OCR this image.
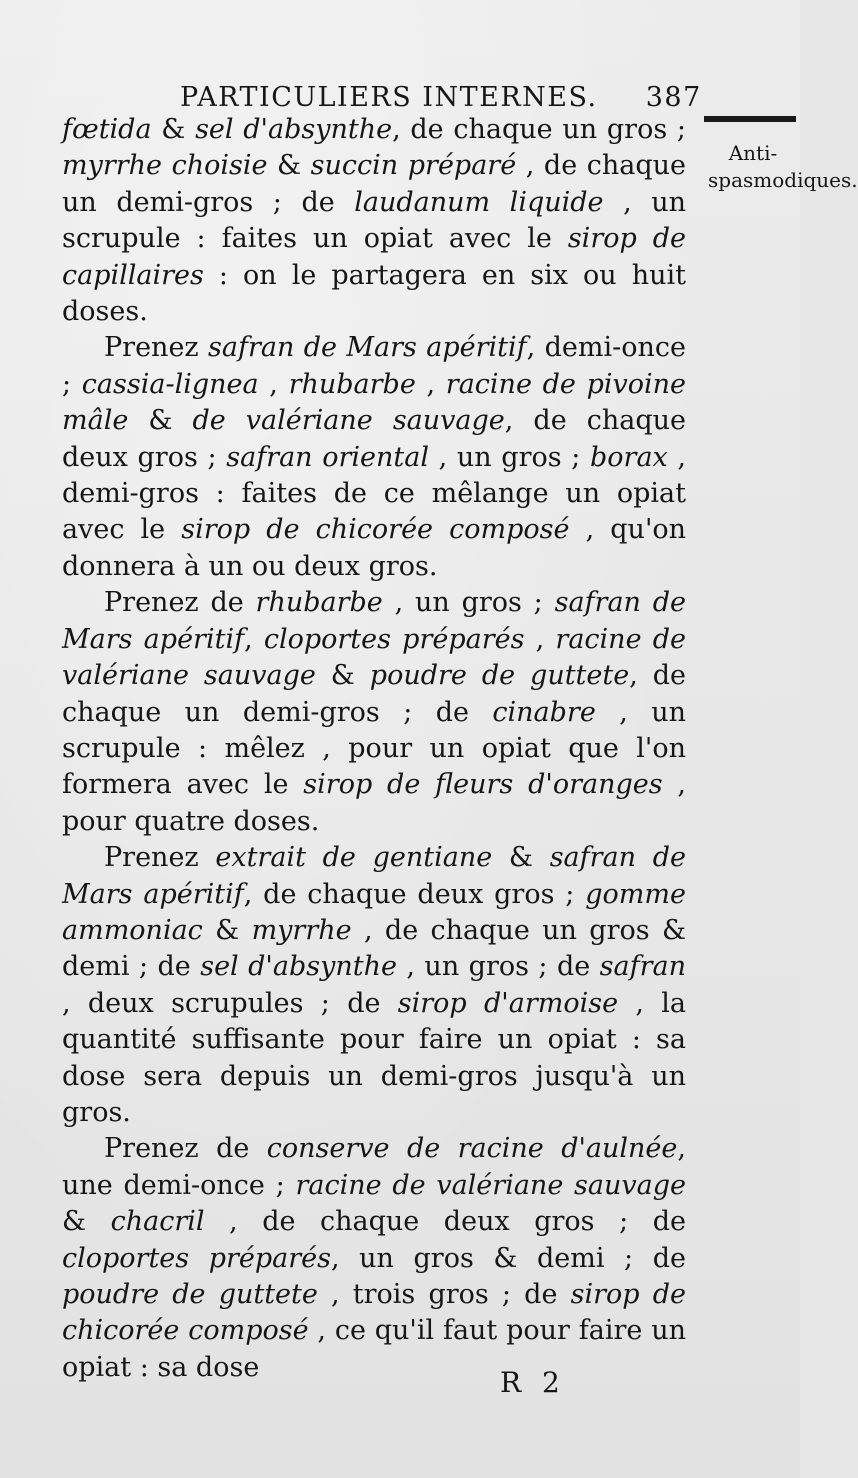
PARTICULIERS INTERNES. 387
Anti-spasmodiques.

fœtida & sel d'absynthe, de chaque un gros ; myrrhe choisie & succin préparé , de chaque un demi-gros ; de laudanum liquide , un scrupule : faites un opiat avec le sirop de capillaires : on le partagera en six ou huit doses.

Prenez safran de Mars apéritif, demi-once ; cassia-lignea , rhubarbe , racine de pivoine mâle & de valériane sauvage, de chaque deux gros ; safran oriental , un gros ; borax , demi-gros : faites de ce mêlange un opiat avec le sirop de chicorée composé , qu'on donnera à un ou deux gros.

Prenez de rhubarbe , un gros ; safran de Mars apéritif, cloportes préparés , racine de valériane sauvage & poudre de guttete, de chaque un demi-gros ; de cinabre , un scrupule : mêlez , pour un opiat que l'on formera avec le sirop de fleurs d'oranges , pour quatre doses.

Prenez extrait de gentiane & safran de Mars apéritif, de chaque deux gros ; gomme ammoniac & myrrhe , de chaque un gros & demi ; de sel d'absynthe , un gros ; de safran , deux scrupules ; de sirop d'armoise , la quantité suffisante pour faire un opiat : sa dose sera depuis un demi-gros jusqu'à un gros.

Prenez de conserve de racine d'aulnée, une demi-once ; racine de valériane sauvage & chacril , de chaque deux gros ; de cloportes préparés, un gros & demi ; de poudre de guttete , trois gros ; de sirop de chicorée composé , ce qu'il faut pour faire un opiat : sa dose	R 2
